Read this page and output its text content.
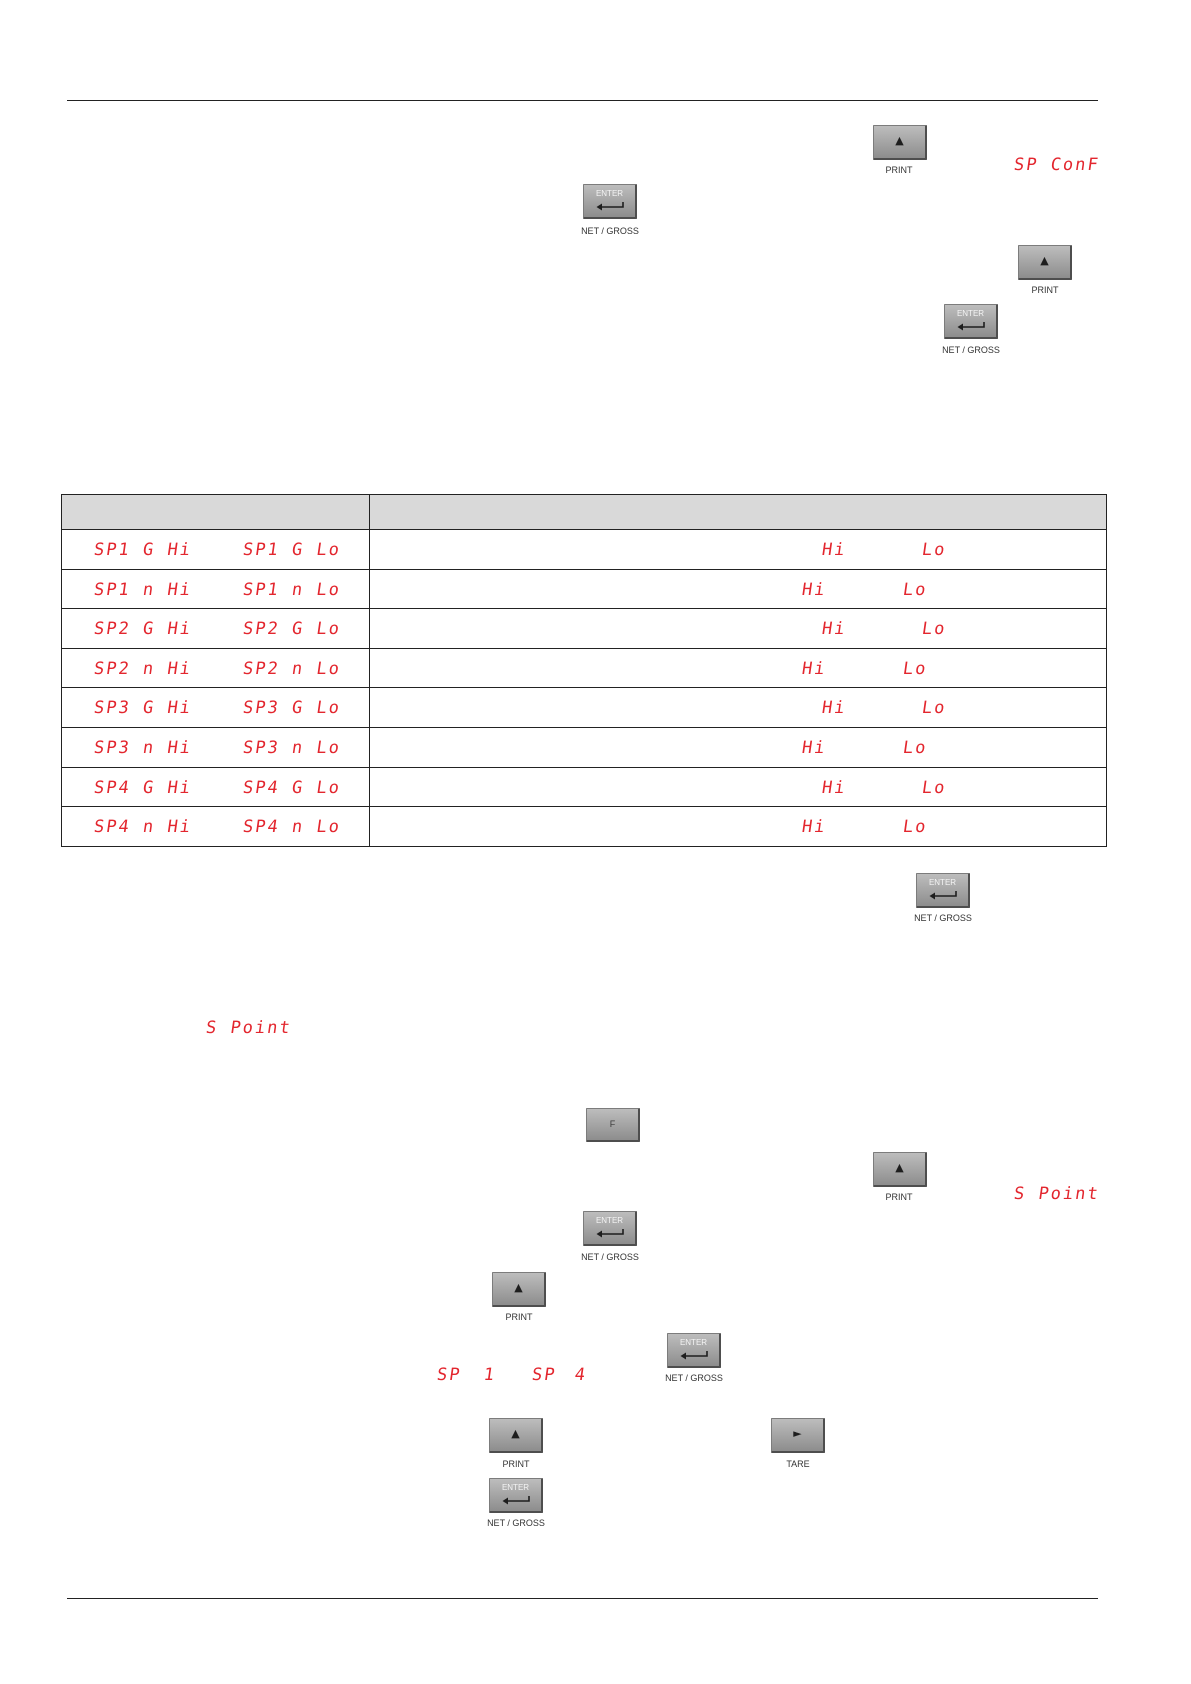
▲
PRINT	SP ConF
ENTER
NET / GROSS
▲
PRINT
ENTER
NET / GROSS
SP1 G Hi	SP1 G Lo	Hi	Lo
SP1 n Hi	SP1 n Lo	Hi	Lo
SP2 G Hi	SP2 G Lo	Hi	Lo
SP2 n Hi	SP2 n Lo	Hi	Lo
SP3 G Hi	SP3 G Lo	Hi	Lo
SP3 n Hi	SP3 n Lo	Hi	Lo
SP4 G Hi	SP4 G Lo	Hi	Lo
SP4 n Hi	SP4 n Lo	Hi	Lo
ENTER
NET / GROSS
S Point
F
▲
PRINT	S Point
ENTER
NET / GROSS
▲
PRINT
SP 1 SP 4
ENTER
NET / GROSS
▲
PRINT
►
TARE
ENTER
NET / GROSS
